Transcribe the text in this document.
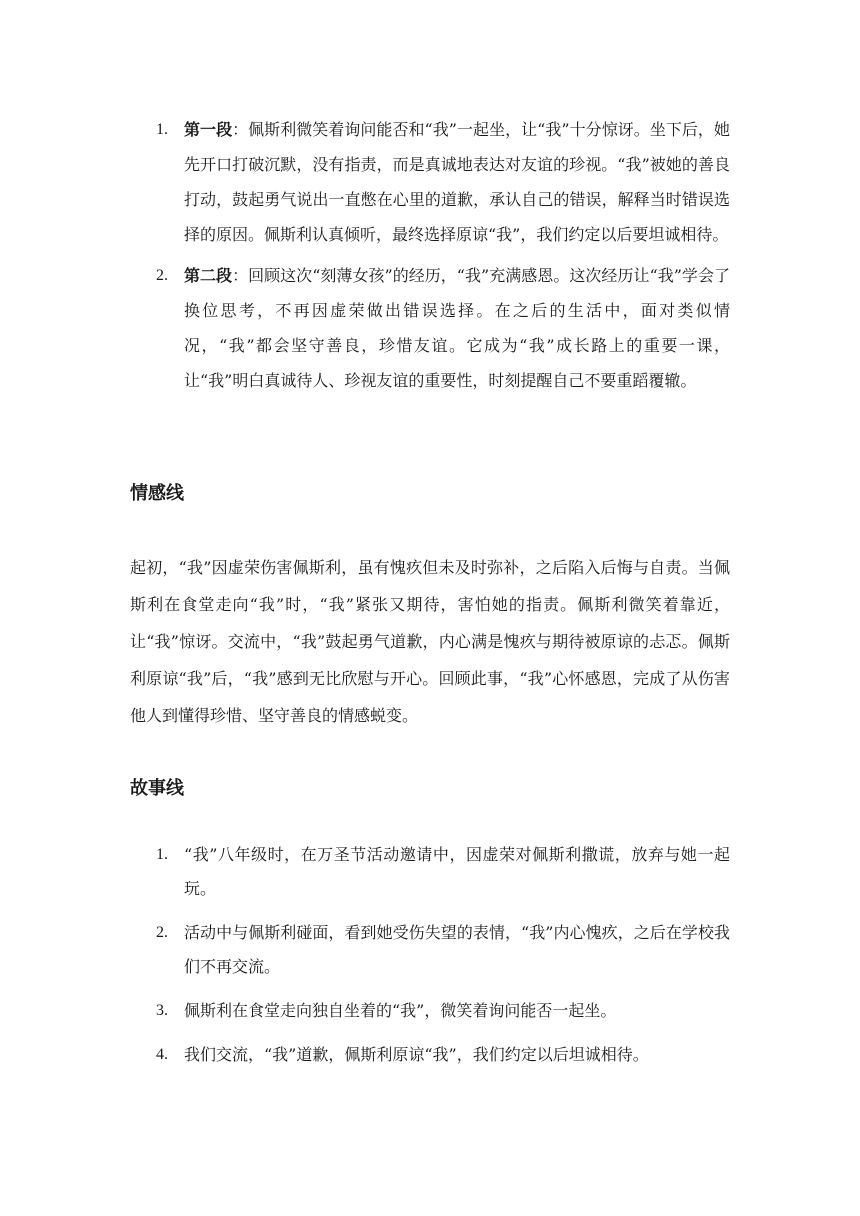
1. 第一段：佩斯利微笑着询问能否和“我”一起坐，让“我”十分惊讶。坐下后，她先开口打破沉默，没有指责，而是真诚地表达对友谊的珍视。“我”被她的善良打动，鼓起勇气说出一直憋在心里的道歉，承认自己的错误，解释当时错误选择的原因。佩斯利认真倾听，最终选择原谅“我”，我们约定以后要坦诚相待。
2. 第二段：回顾这次“刻薄女孩”的经历，“我”充满感恩。这次经历让“我”学会了换位思考，不再因虚荣做出错误选择。在之后的生活中，面对类似情况，“我”都会坚守善良，珍惜友谊。它成为“我”成长路上的重要一课，让“我”明白真诚待人、珍视友谊的重要性，时刻提醒自己不要重蹈覆辙。
情感线

起初，“我”因虚荣伤害佩斯利，虽有愧疚但未及时弥补，之后陷入后悔与自责。当佩斯利在食堂走向“我”时，“我”紧张又期待，害怕她的指责。佩斯利微笑着靠近，让“我”惊讶。交流中，“我”鼓起勇气道歉，内心满是愧疚与期待被原谅的忐忑。佩斯利原谅“我”后，“我”感到无比欣慰与开心。回顾此事，“我”心怀感恩，完成了从伤害他人到懂得珍惜、坚守善良的情感蜕变。

故事线
1. “我”八年级时，在万圣节活动邀请中，因虚荣对佩斯利撒谎，放弃与她一起玩。
2. 活动中与佩斯利碰面，看到她受伤失望的表情，“我”内心愧疚，之后在学校我们不再交流。
3. 佩斯利在食堂走向独自坐着的“我”，微笑着询问能否一起坐。
4. 我们交流，“我”道歉，佩斯利原谅“我”，我们约定以后坦诚相待。
